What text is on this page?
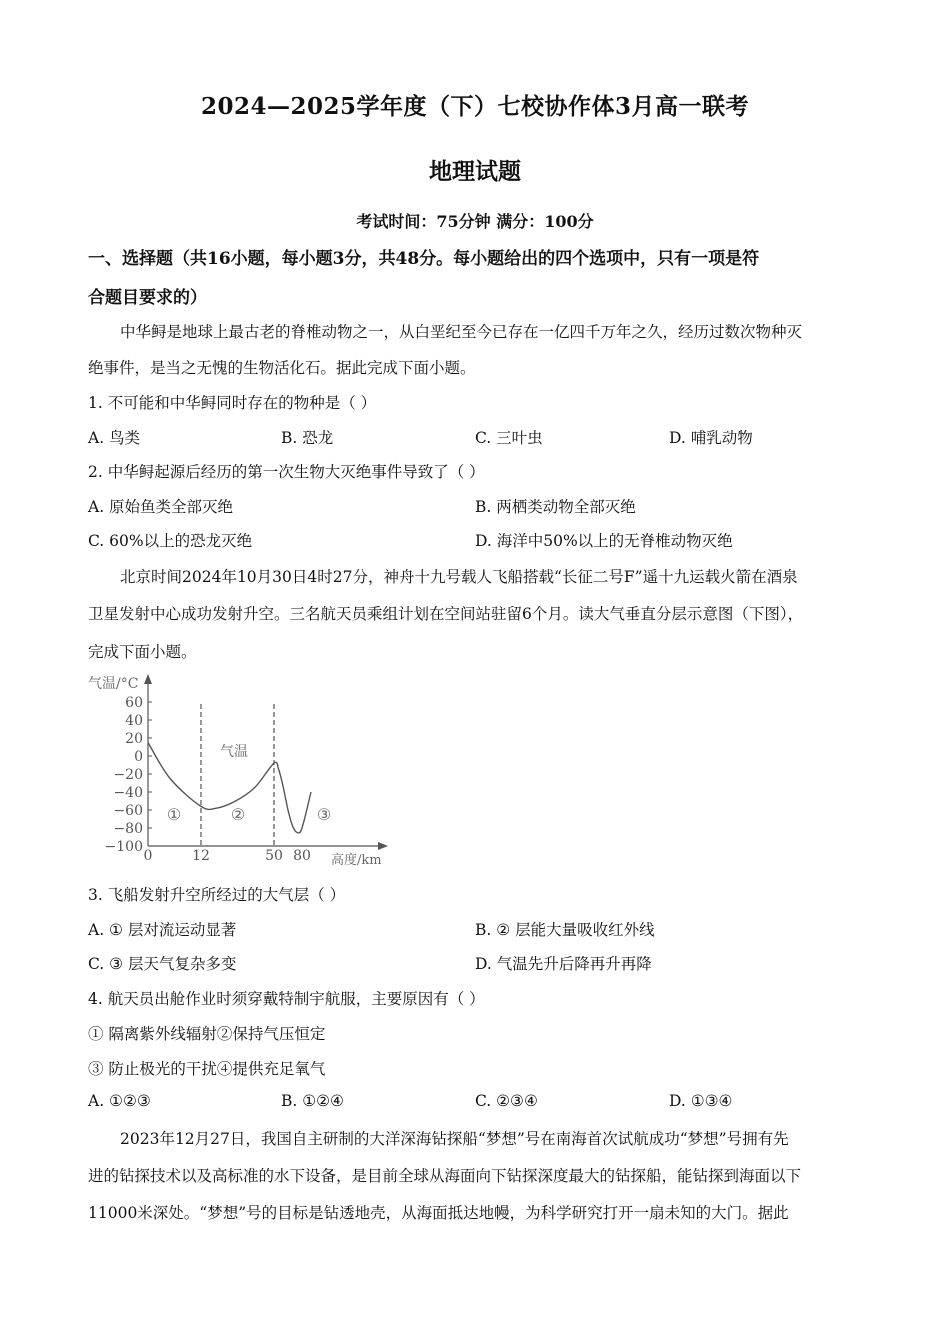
2024—2025学年度（下）七校协作体3月高一联考
地理试题
考试时间：75分钟 满分：100分
一、选择题（共16小题，每小题3分，共48分。每小题给出的四个选项中，只有一项是符
合题目要求的）
中华鲟是地球上最古老的脊椎动物之一，从白垩纪至今已存在一亿四千万年之久，经历过数次物种灭
绝事件，是当之无愧的生物活化石。据此完成下面小题。
1. 不可能和中华鲟同时存在的物种是（ ）
A. 鸟类	B. 恐龙	C. 三叶虫	D. 哺乳动物
2. 中华鲟起源后经历的第一次生物大灭绝事件导致了（ ）
A. 原始鱼类全部灭绝	B. 两栖类动物全部灭绝
C. 60%以上的恐龙灭绝	D. 海洋中50%以上的无脊椎动物灭绝
北京时间2024年10月30日4时27分，神舟十九号载人飞船搭载“长征二号F”遥十九运载火箭在酒泉
卫星发射中心成功发射升空。三名航天员乘组计划在空间站驻留6个月。读大气垂直分层示意图（下图），
完成下面小题。
气温/°C
高度/km
60
40
20
0
−20
−40
−60
−80
−100
0	12	50 80
①	②	③
气温
3. 飞船发射升空所经过的大气层（ ）
A. ① 层对流运动显著	B. ② 层能大量吸收红外线
C. ③ 层天气复杂多变	D. 气温先升后降再升再降
4. 航天员出舱作业时须穿戴特制宇航服，主要原因有（ ）
① 隔离紫外线辐射②保持气压恒定
③ 防止极光的干扰④提供充足氧气
A. ①②③	B. ①②④	C. ②③④	D. ①③④
2023年12月27日，我国自主研制的大洋深海钻探船“梦想”号在南海首次试航成功“梦想”号拥有先
进的钻探技术以及高标准的水下设备，是目前全球从海面向下钻探深度最大的钻探船，能钻探到海面以下
11000米深处。“梦想”号的目标是钻透地壳，从海面抵达地幔，为科学研究打开一扇未知的大门。据此
